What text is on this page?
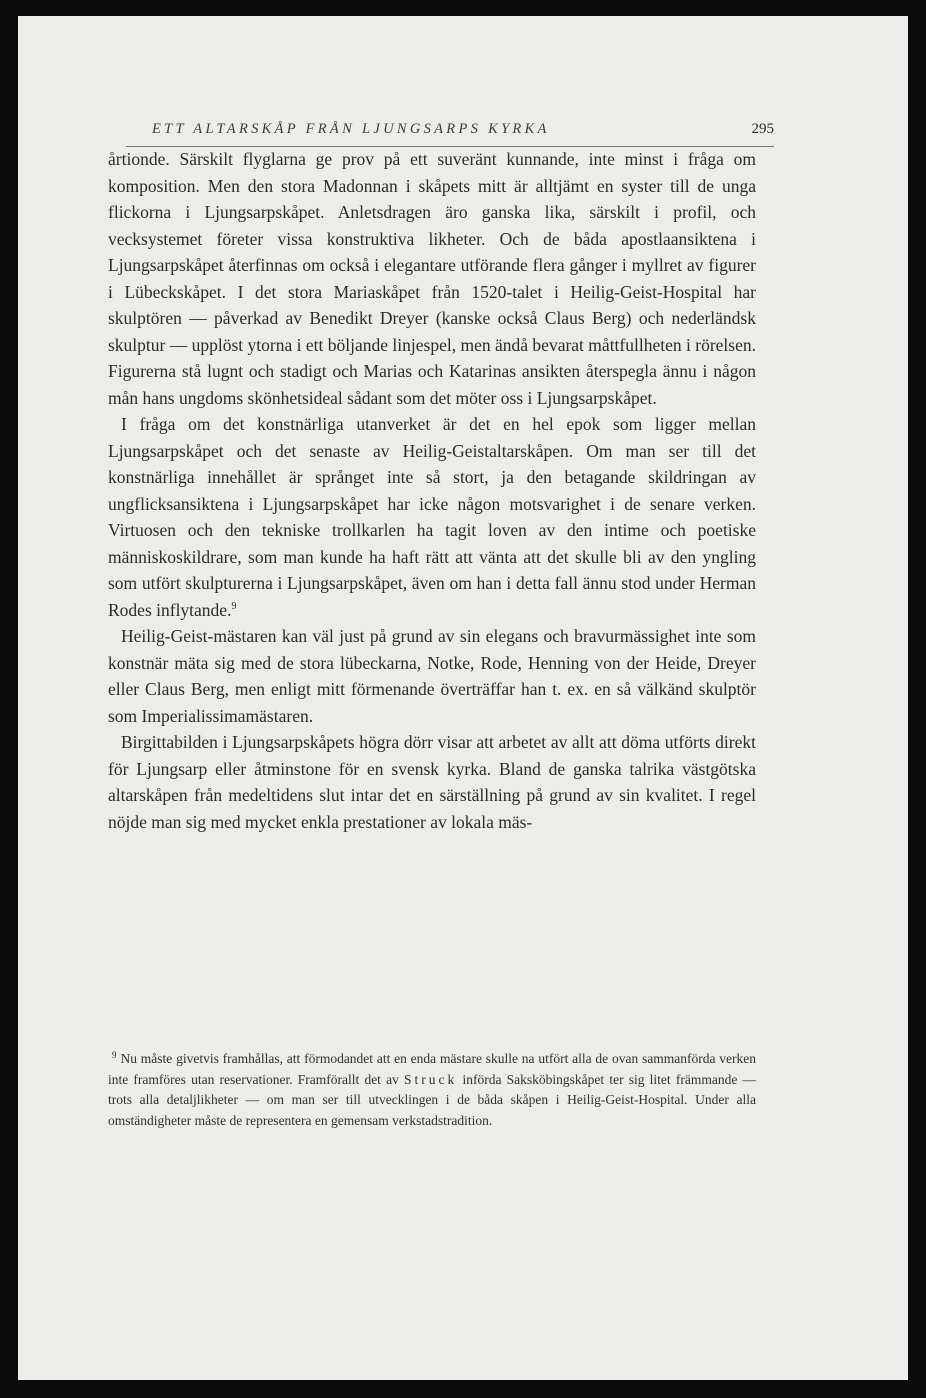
ETT ALTARSKÅP FRÅN LJUNGSARPS KYRKA	295

årtionde. Särskilt flyglarna ge prov på ett suveränt kunnande, inte minst i fråga om komposition. Men den stora Madonnan i skåpets mitt är alltjämt en syster till de unga flickorna i Ljungsarpskåpet. Anletsdragen äro ganska lika, särskilt i profil, och vecksystemet företer vissa konstruktiva likheter. Och de båda apostlaansiktena i Ljungsarpskåpet återfinnas om också i elegantare utförande flera gånger i myllret av figurer i Lübeckskåpet. I det stora Mariaskåpet från 1520-talet i Heilig-Geist-Hospital har skulptören — påverkad av Benedikt Dreyer (kanske också Claus Berg) och nederländsk skulptur — upplöst ytorna i ett böljande linjespel, men ändå bevarat måttfullheten i rörelsen. Figurerna stå lugnt och stadigt och Marias och Katarinas ansikten återspegla ännu i någon mån hans ungdoms skönhetsideal sådant som det möter oss i Ljungsarpskåpet.

I fråga om det konstnärliga utanverket är det en hel epok som ligger mellan Ljungsarpskåpet och det senaste av Heilig-Geistaltarskåpen. Om man ser till det konstnärliga innehållet är språnget inte så stort, ja den betagande skildringan av ungflicksansiktena i Ljungsarpskåpet har icke någon motsvarighet i de senare verken. Virtuosen och den tekniske trollkarlen ha tagit loven av den intime och poetiske människoskildrare, som man kunde ha haft rätt att vänta att det skulle bli av den yngling som utfört skulpturerna i Ljungsarpskåpet, även om han i detta fall ännu stod under Herman Rodes inflytande.$^9$

Heilig-Geist-mästaren kan väl just på grund av sin elegans och bravurmässighet inte som konstnär mäta sig med de stora lübeckarna, Notke, Rode, Henning von der Heide, Dreyer eller Claus Berg, men enligt mitt förmenande överträffar han t. ex. en så välkänd skulptör som Imperialissimamästaren.

Birgittabilden i Ljungsarpskåpets högra dörr visar att arbetet av allt att döma utförts direkt för Ljungsarp eller åtminstone för en svensk kyrka. Bland de ganska talrika västgötska altarskåpen från medeltidens slut intar det en särställning på grund av sin kvalitet. I regel nöjde man sig med mycket enkla prestationer av lokala mäs-

$^9$ Nu måste givetvis framhållas, att förmodandet att en enda mästare skulle na utfört alla de ovan sammanförda verken inte framföres utan reservationer. Framförallt det av Struck införda Saksköbingskåpet ter sig litet främmande — trots alla detaljlikheter — om man ser till utvecklingen i de båda skåpen i Heilig-Geist-Hospital. Under alla omständigheter måste de representera en gemensam verkstadstradition.
